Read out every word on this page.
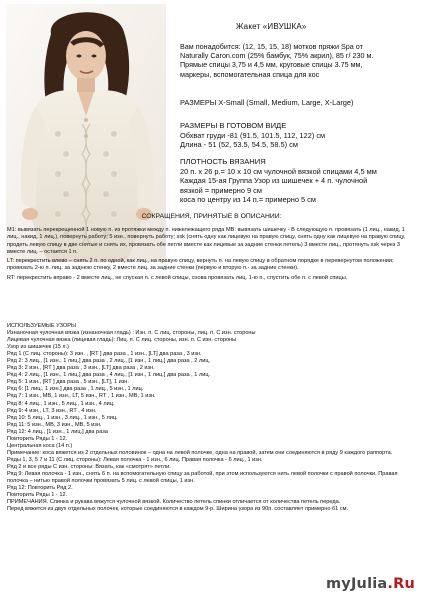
Жакет «ИВУШКА»
Вам понадобится: (12, 15, 15, 18) мотков пряжи Spa от
Naturally Caron.com (25% бамбук, 75% акрил), 85 г/ 230 м.
Прямые спицы 3,75 и 4,5 мм, круговые спицы 3.75 мм,
маркеры, вспомогательная спица для кос
РАЗМЕРЫ X-Small (Small, Medium, Large, X-Large)
РАЗМЕРЫ В ГОТОВОМ ВИДЕ
Обхват груди -81 (91.5, 101.5, 112, 122) см
Длина - 51 (52, 53.5, 54.5, 58.5) см
ПЛОТНОСТЬ ВЯЗАНИЯ
20 п. х 26 р.= 10 х 10 см чулочной вязкой спицами 4,5 мм
Каждая 15-ая Группа Узор из шишечек + 4 п. чулочной
вязкой = примерно 9 см
коса по центру из 14 п.= примерно 5 см
СОКРАЩЕНИЯ, ПРИНЯТЫЕ В ОПИСАНИИ:

М1: вывязать перекрещенной 1 новую п. из протяжки между п. нижележащего ряда МВ: вывязать шишечку - В следующую п. провязать (1 лиц., накид, 1 лиц., накид, 1 лиц.), повернуть работу; 5 изн., повернуть работу; ssk (снять одну как лицевую на правую спицу, снять одну как лицевую на правую спицу, продеть левую спицу в две снятые и снять их, провязать обе петли вместе как лицевые за задние стенки петель) 3 вместе лиц., протянуть ssk через 3 вместе лиц. – остается 1 п.

LT: перекрестить влево – снять 2 п. по одной, как лиц., на правую спицу, вернуть п. на левую спицу в обратном порядке в перевернутом положении; провязать 2-ю п. лиц. за заднюю стенку, 2 вместе лиц. за задние стенки (первую и вторую п.- за задние стенки).

RT: перекрестить вправо - 2 вместе лиц., не спуская п. с левой спицы, снова провязать лиц. 1-ю п., спустить обе п. с левой спицы.

ИСПОЛЬЗУЕМЫЕ УЗОРЫ
Изнаночная чулочная вязка (изнаночная гладь) : Изн. п. С лиц. стороны, лиц. п. С изн. стороны
Лицевая чулочная вязка (лицевая гладь): Лиц. п. С лиц. стороны, изн. п. С изн. стороны
Узор из шишечек (15 п.)
Ряд 1 (С лиц. стороны): 3 изн. , [RT ] два раза , 1 изн., [LT] два раза , 3 изн.
Ряд 2: 3 лиц., [1 изн., 1 лиц.] два раза , 2 лиц., [1 изн., 1 лиц.] два раза , 2 лиц.
Ряд 3: 2 изн., [RT ] два раза , 3 изн., [LT] два раза , 2 изн.
Ряд 4: 2 лиц., [1 изн., 1 лиц.] два раза , 4 лиц., [1 изн., 1 лиц.] два раза , 1 лиц.
Ряд 5: 1 изн., [RT ] два раза , 5 изн., [LT], 1 изн.
Ряд 6: [1 лиц., 1 изн.] два раза , 1 лиц., 5 изн., 1 лиц.
Ряд 7: 1 изн., МВ, 1 изн., LT, 5 изн., RT , 1 изн., МВ, 1 изн.
Ряд 8: 4 лиц., 1 изн., 5 лиц., 1 изн., 4 лиц.
Ряд 9: 4 изн., LT, 3 изн., RT , 4 изн.
Ряд 10: 5 лиц., 1 изн., 3 лиц., 1 изн., 5 лиц.
Ряд 11: 5 изн., МВ, 3 изн., МВ, 5 изн.
Ряд 12: 4 лиц., [1 изн., 1 лиц.] два раза
Повторить Ряды 1 - 12.
Центральная коса (14 п.)
Примечание: коса вяжется из 2 отдельных половинок – одна на левой полочке, одна на правой, затем они соединяются в ряду 9 каждого раппорта.
Ряды 1, 3, 5 7 и 11 (С лиц. стороны): Левая полочка - 1 изн., 6 лиц. Правая полочка - 6 лиц., 1 изн.
Ряд 2 и все ряды С изн. стороны: Вязать, как «смотрят» петли.
Ряд 9: Левая полочка - 1 изн., снять 6 п. на вспомогательную спицу за работой, при этом используются нить левой полочки с правой полочки. Правая полочка – нитью правой полочки провязать 5 лиц. с левой спицы, 1 изн.
Ряд 12: Повторить Ряд 2.
Повторить Ряды 1 - 12.
ПРИМЕЧАНИЯ. Спинка и рукава вяжутся чулочной вязкой. Количество петель спинки отличается от количества петель переда.
Перед вяжется из двух отдельных полочек, которые соединяются в каждом 9-р. Ширина узора из 90п. составляет примерно 61 см.
myJulia.Ru
